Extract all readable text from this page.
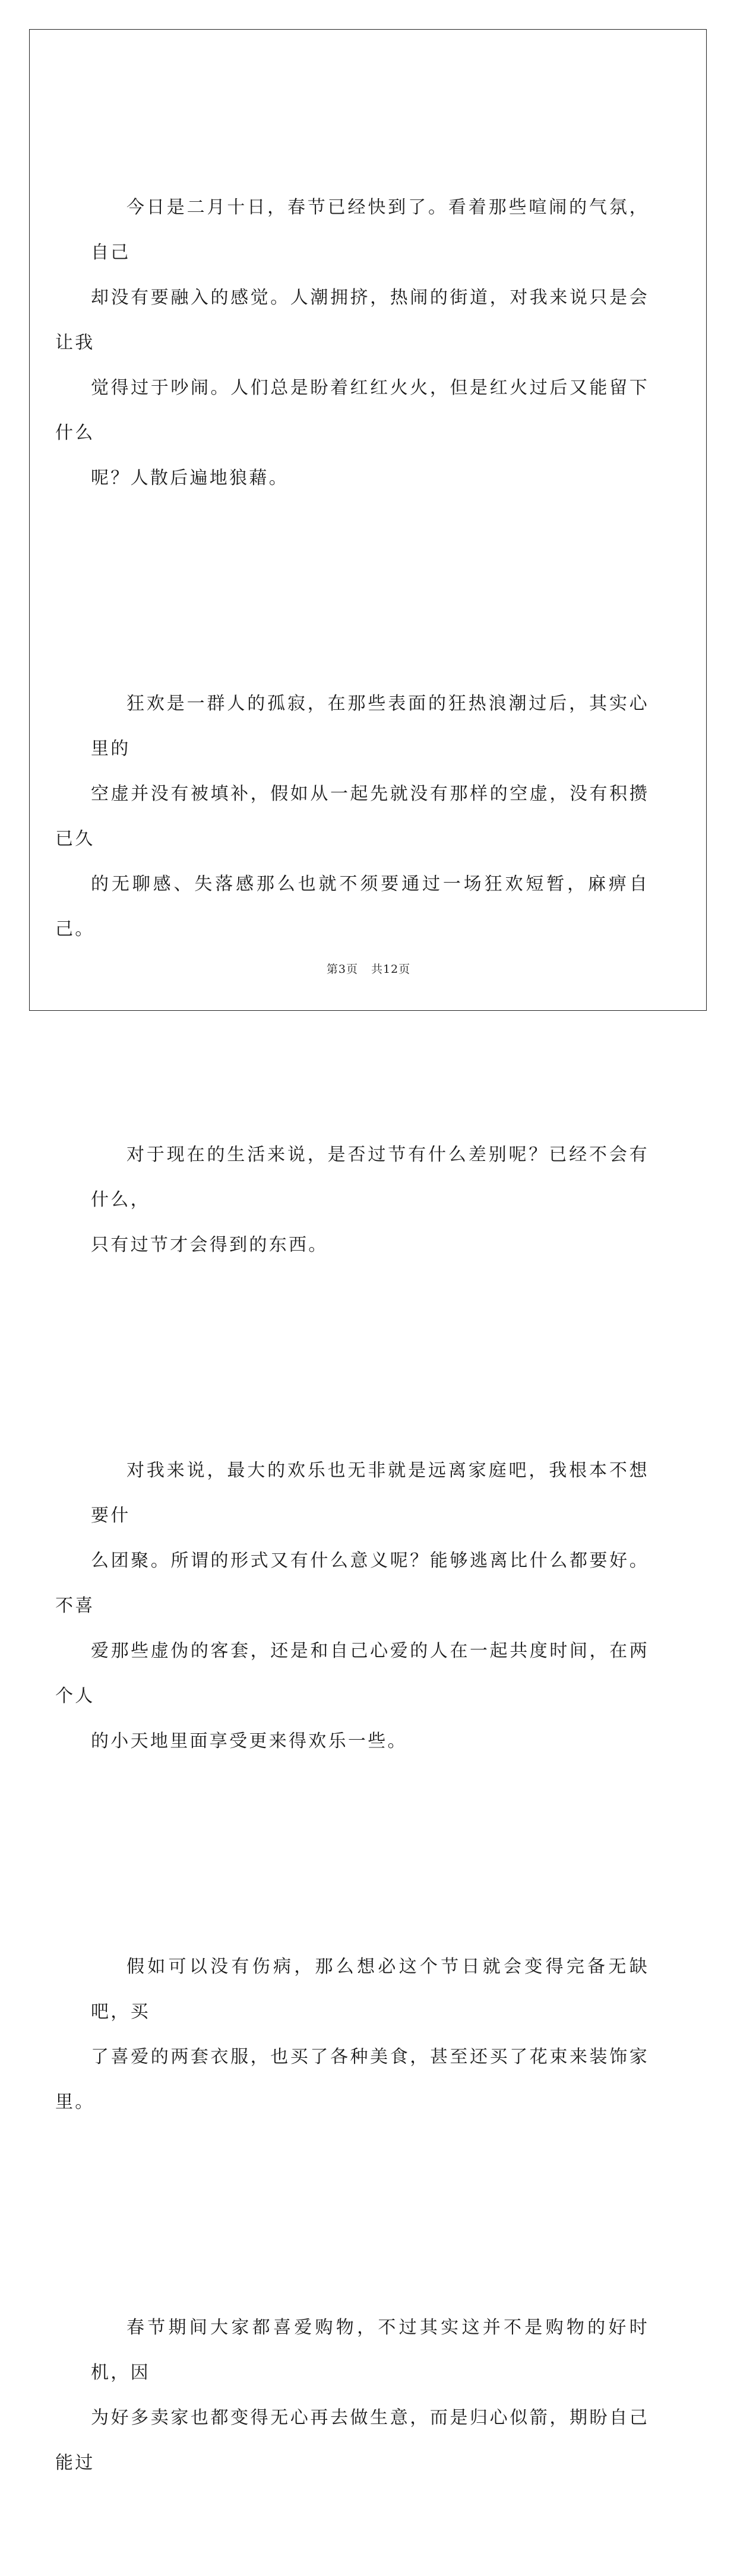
今日是二月十日，春节已经快到了。看着那些喧闹的气氛，自己
却没有要融入的感觉。人潮拥挤，热闹的街道，对我来说只是会让我
觉得过于吵闹。人们总是盼着红红火火，但是红火过后又能留下什么
呢？人散后遍地狼藉。

狂欢是一群人的孤寂，在那些表面的狂热浪潮过后，其实心里的
空虚并没有被填补，假如从一起先就没有那样的空虚，没有积攒已久
的无聊感、失落感那么也就不须要通过一场狂欢短暂，麻痹自己。

对于现在的生活来说，是否过节有什么差别呢？已经不会有什么，
只有过节才会得到的东西。

对我来说，最大的欢乐也无非就是远离家庭吧，我根本不想要什
么团聚。所谓的形式又有什么意义呢？能够逃离比什么都要好。不喜
爱那些虚伪的客套，还是和自己心爱的人在一起共度时间，在两个人
的小天地里面享受更来得欢乐一些。

假如可以没有伤病，那么想必这个节日就会变得完备无缺吧，买
了喜爱的两套衣服，也买了各种美食，甚至还买了花束来装饰家里。

春节期间大家都喜爱购物，不过其实这并不是购物的好时机，因
为好多卖家也都变得无心再去做生意，而是归心似箭，期盼自己能过

第3页 共12页
